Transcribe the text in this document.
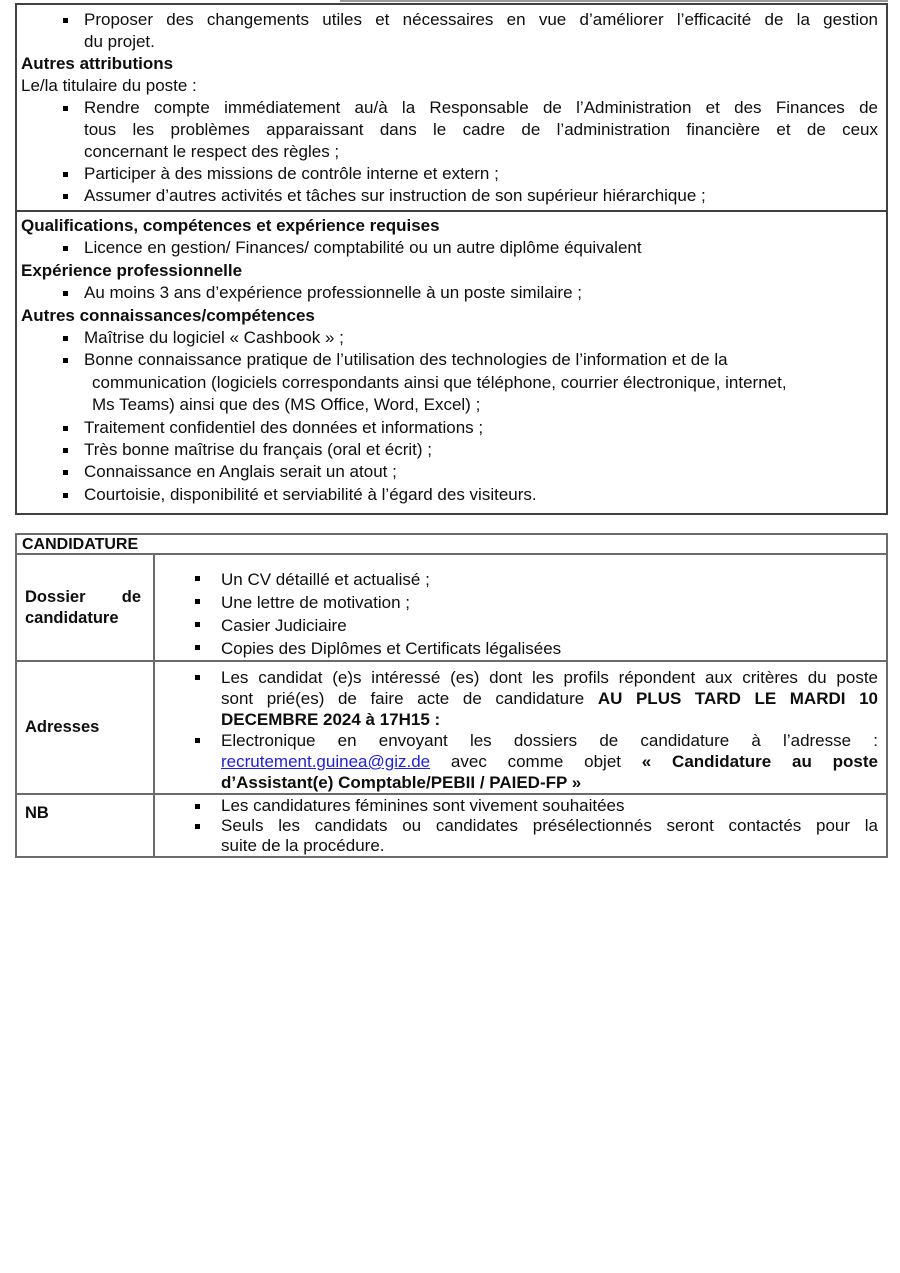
Proposer des changements utiles et nécessaires en vue d’améliorer l’efficacité de la gestion
du projet.
Autres attributions
Le/la titulaire du poste :
Rendre compte immédiatement au/à la Responsable de l’Administration et des Finances de
tous les problèmes apparaissant dans le cadre de l’administration financière et de ceux
concernant le respect des règles ;
Participer à des missions de contrôle interne et extern ;
Assumer d’autres activités et tâches sur instruction de son supérieur hiérarchique ;
Qualifications, compétences et expérience requises
Licence en gestion/ Finances/ comptabilité ou un autre diplôme équivalent
Expérience professionnelle
Au moins 3 ans d’expérience professionnelle à un poste similaire ;
Autres connaissances/compétences
Maîtrise du logiciel « Cashbook » ;
Bonne connaissance pratique de l’utilisation des technologies de l’information et de la
communication (logiciels correspondants ainsi que téléphone, courrier électronique, internet,
Ms Teams) ainsi que des (MS Office, Word, Excel) ;
Traitement confidentiel des données et informations ;
Très bonne maîtrise du français (oral et écrit) ;
Connaissance en Anglais serait un atout ;
Courtoisie, disponibilité et serviabilité à l’égard des visiteurs.
CANDIDATURE
Dossier de
candidature
Un CV détaillé et actualisé ;
Une lettre de motivation ;
Casier Judiciaire
Copies des Diplômes et Certificats légalisées
Adresses
Les candidat (e)s intéressé (es) dont les profils répondent aux critères du poste
sont prié(es) de faire acte de candidature AU PLUS TARD LE MARDI 10
DECEMBRE 2024 à 17H15 :
Electronique en envoyant les dossiers de candidature à l’adresse :
recrutement.guinea@giz.de avec comme objet « Candidature au poste
d’Assistant(e) Comptable/PEBII / PAIED-FP »
NB	Les candidatures féminines sont vivement souhaitées
Seuls les candidats ou candidates présélectionnés seront contactés pour la
suite de la procédure.
